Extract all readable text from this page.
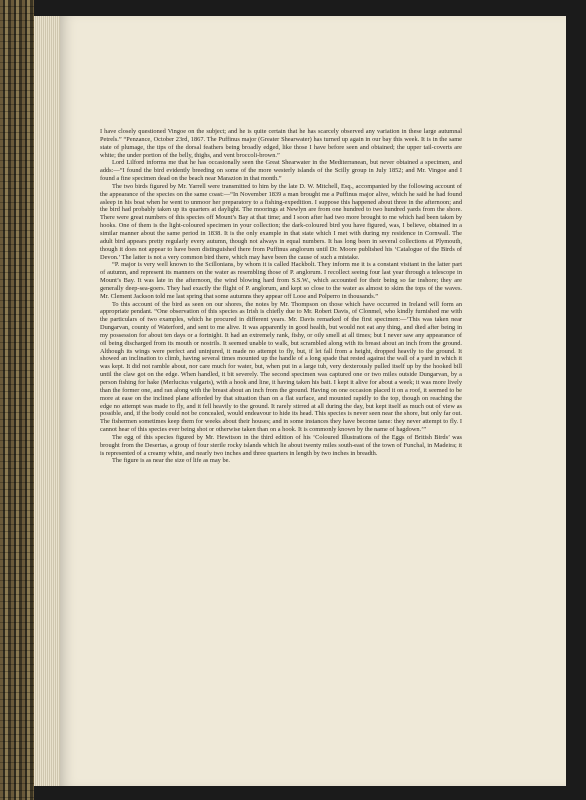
I have closely questioned Vingoe on the subject; and he is quite certain that he has scarcely observed any variation in these large autumnal Petrels.” “Penzance, October 23rd, 1867. The Puffinus major (Greater Shearwater) has turned up again in our bay this week. It is in the same state of plumage, the tips of the dorsal feathers being broadly edged, like those I have before seen and obtained; the upper tail-coverts are white; the under portion of the belly, thighs, and vent broccoli-brown.”

Lord Lilford informs me that he has occasionally seen the Great Shearwater in the Mediterranean, but never obtained a specimen, and adds:—“I found the bird evidently breeding on some of the more westerly islands of the Scilly group in July 1852; and Mr. Vingoe and I found a fine specimen dead on the beach near Marazion in that month.”

The two birds figured by Mr. Yarrell were transmitted to him by the late D. W. Mitchell, Esq., accompanied by the following account of the appearance of the species on the same coast:—“In November 1839 a man brought me a Puffinus major alive, which he said he had found asleep in his boat when he went to unmoor her preparatory to a fishing-expedition. I suppose this happened about three in the afternoon; and the bird had probably taken up its quarters at daylight. The moorings at Newlyn are from one hundred to two hundred yards from the shore. There were great numbers of this species off Mount’s Bay at that time; and I soon after had two more brought to me which had been taken by hooks. One of them is the light-coloured specimen in your collection; the dark-coloured bird you have figured, was, I believe, obtained in a similar manner about the same period in 1838. It is the only example in that state which I met with during my residence in Cornwall. The adult bird appears pretty regularly every autumn, though not always in equal numbers. It has long been in several collections at Plymouth, though it does not appear to have been distinguished there from Puffinus anglorum until Dr. Moore published his ‘Catalogue of the Birds of Devon.’ The latter is not a very common bird there, which may have been the cause of such a mistake.

“P. major is very well known to the Scillonians, by whom it is called Hackbolt. They inform me it is a constant visitant in the latter part of autumn, and represent its manners on the water as resembling those of P. anglorum. I recollect seeing four last year through a telescope in Mount’s Bay. It was late in the afternoon, the wind blowing hard from S.S.W., which accounted for their being so far inshore; they are generally deep-sea-goers. They had exactly the flight of P. anglorum, and kept so close to the water as almost to skim the tops of the waves. Mr. Clement Jackson told me last spring that some autumns they appear off Looe and Polperro in thousands.”

To this account of the bird as seen on our shores, the notes by Mr. Thompson on those which have occurred in Ireland will form an appropriate pendant. “One observation of this species as Irish is chiefly due to Mr. Robert Davis, of Clonmel, who kindly furnished me with the particulars of two examples, which he procured in different years. Mr. Davis remarked of the first specimen:—‘This was taken near Dungarvan, county of Waterford, and sent to me alive. It was apparently in good health, but would not eat any thing, and died after being in my possession for about ten days or a fortnight. It had an extremely rank, fishy, or oily smell at all times; but I never saw any appearance of oil being discharged from its mouth or nostrils. It seemed unable to walk, but scrambled along with its breast about an inch from the ground. Although its wings were perfect and uninjured, it made no attempt to fly, but, if let fall from a height, dropped heavily to the ground. It showed an inclination to climb, having several times mounted up the handle of a long spade that rested against the wall of a yard in which it was kept. It did not ramble about, nor care much for water, but, when put in a large tub, very dexterously pulled itself up by the hooked bill until the claw got on the edge. When handled, it bit severely. The second specimen was captured one or two miles outside Dungarvan, by a person fishing for hake (Merlucius vulgaris), with a hook and line, it having taken his bait. I kept it alive for about a week; it was more lively than the former one, and ran along with the breast about an inch from the ground. Having on one occasion placed it on a roof, it seemed to be more at ease on the inclined plane afforded by that situation than on a flat surface, and mounted rapidly to the top, though on reaching the edge no attempt was made to fly, and it fell heavily to the ground. It rarely stirred at all during the day, but kept itself as much out of view as possible, and, if the body could not be concealed, would endeavour to hide its head. This species is never seen near the shore, but only far out. The fishermen sometimes keep them for weeks about their houses; and in some instances they have become tame: they never attempt to fly. I cannot hear of this species ever being shot or otherwise taken than on a hook. It is commonly known by the name of hagdown.’”

The egg of this species figured by Mr. Hewitson in the third edition of his ‘Coloured Illustrations of the Eggs of British Birds’ was brought from the Desertas, a group of four sterile rocky islands which lie about twenty miles south-east of the town of Funchal, in Madeira; it is represented of a creamy white, and nearly two inches and three quarters in length by two inches in breadth.

The figure is as near the size of life as may be.
